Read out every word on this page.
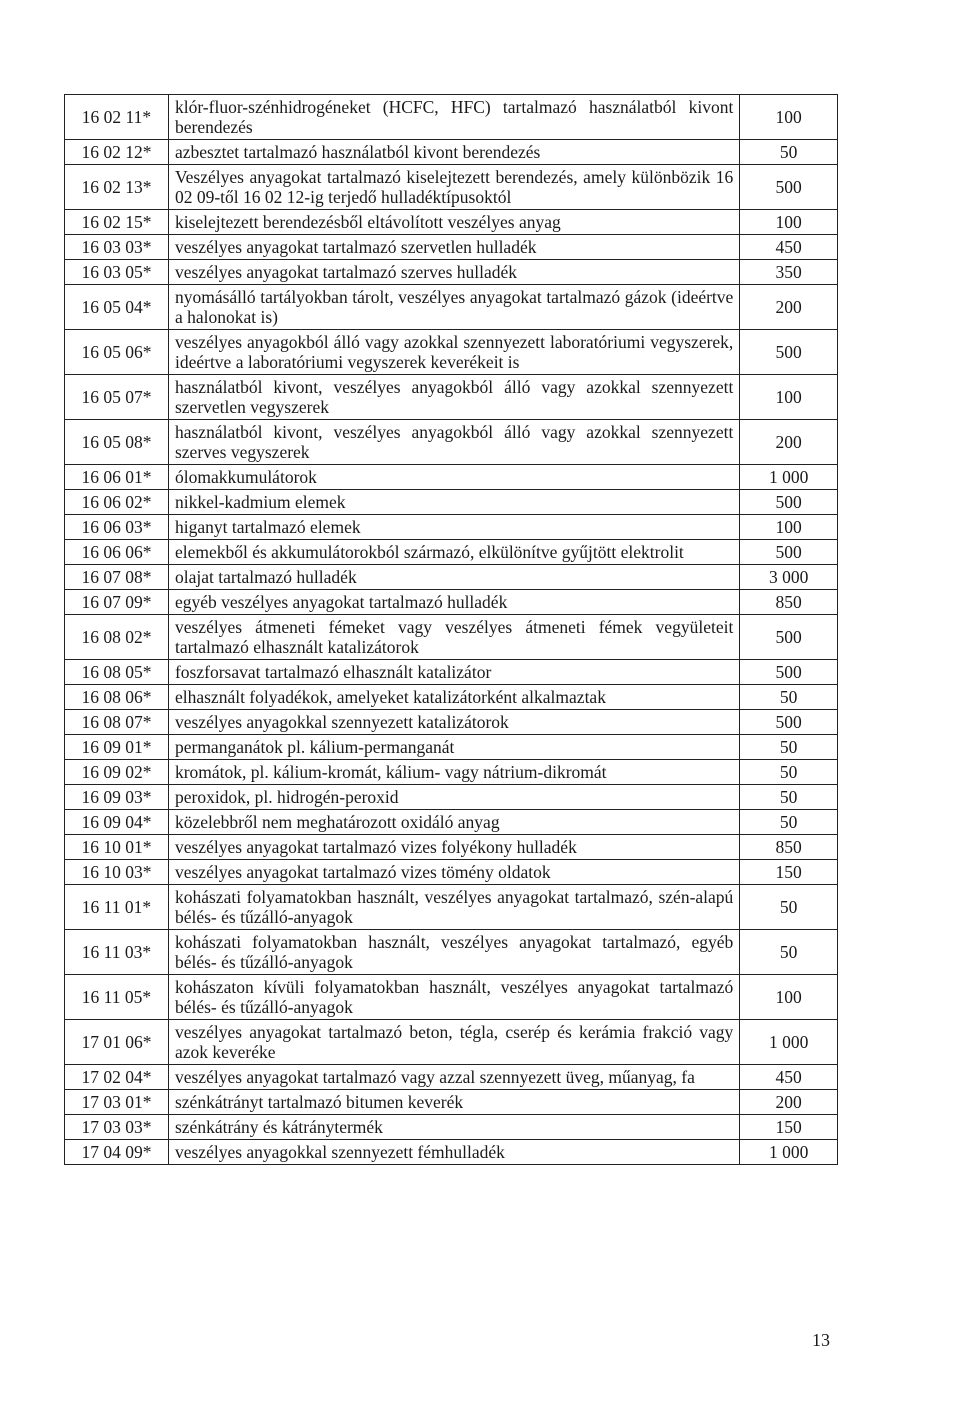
16 02 11*	klór-fluor-szénhidrogéneket (HCFC, HFC) tartalmazó használatból kivont berendezés	100
16 02 12*	azbesztet tartalmazó használatból kivont berendezés	50
16 02 13*	Veszélyes anyagokat tartalmazó kiselejtezett berendezés, amely különbözik 16 02 09-től 16 02 12-ig terjedő hulladéktípusoktól	500
16 02 15*	kiselejtezett berendezésből eltávolított veszélyes anyag	100
16 03 03*	veszélyes anyagokat tartalmazó szervetlen hulladék	450
16 03 05*	veszélyes anyagokat tartalmazó szerves hulladék	350
16 05 04*	nyomásálló tartályokban tárolt, veszélyes anyagokat tartalmazó gázok (ideértve a halonokat is)	200
16 05 06*	veszélyes anyagokból álló vagy azokkal szennyezett laboratóriumi vegyszerek, ideértve a laboratóriumi vegyszerek keverékeit is	500
16 05 07*	használatból kivont, veszélyes anyagokból álló vagy azokkal szennyezett szervetlen vegyszerek	100
16 05 08*	használatból kivont, veszélyes anyagokból álló vagy azokkal szennyezett szerves vegyszerek	200
16 06 01*	ólomakkumulátorok	1 000
16 06 02*	nikkel-kadmium elemek	500
16 06 03*	higanyt tartalmazó elemek	100
16 06 06*	elemekből és akkumulátorokból származó, elkülönítve gyűjtött elektrolit	500
16 07 08*	olajat tartalmazó hulladék	3 000
16 07 09*	egyéb veszélyes anyagokat tartalmazó hulladék	850
16 08 02*	veszélyes átmeneti fémeket vagy veszélyes átmeneti fémek vegyületeit tartalmazó elhasznált katalizátorok	500
16 08 05*	foszforsavat tartalmazó elhasznált katalizátor	500
16 08 06*	elhasznált folyadékok, amelyeket katalizátorként alkalmaztak	50
16 08 07*	veszélyes anyagokkal szennyezett katalizátorok	500
16 09 01*	permanganátok pl. kálium-permanganát	50
16 09 02*	kromátok, pl. kálium-kromát, kálium- vagy nátrium-dikromát	50
16 09 03*	peroxidok, pl. hidrogén-peroxid	50
16 09 04*	közelebbről nem meghatározott oxidáló anyag	50
16 10 01*	veszélyes anyagokat tartalmazó vizes folyékony hulladék	850
16 10 03*	veszélyes anyagokat tartalmazó vizes tömény oldatok	150
16 11 01*	kohászati folyamatokban használt, veszélyes anyagokat tartalmazó, szén-alapú bélés- és tűzálló-anyagok	50
16 11 03*	kohászati folyamatokban használt, veszélyes anyagokat tartalmazó, egyéb bélés- és tűzálló-anyagok	50
16 11 05*	kohászaton kívüli folyamatokban használt, veszélyes anyagokat tartalmazó bélés- és tűzálló-anyagok	100
17 01 06*	veszélyes anyagokat tartalmazó beton, tégla, cserép és kerámia frakció vagy azok keveréke	1 000
17 02 04*	veszélyes anyagokat tartalmazó vagy azzal szennyezett üveg, műanyag, fa	450
17 03 01*	szénkátrányt tartalmazó bitumen keverék	200
17 03 03*	szénkátrány és kátránytermék	150
17 04 09*	veszélyes anyagokkal szennyezett fémhulladék	1 000
13
